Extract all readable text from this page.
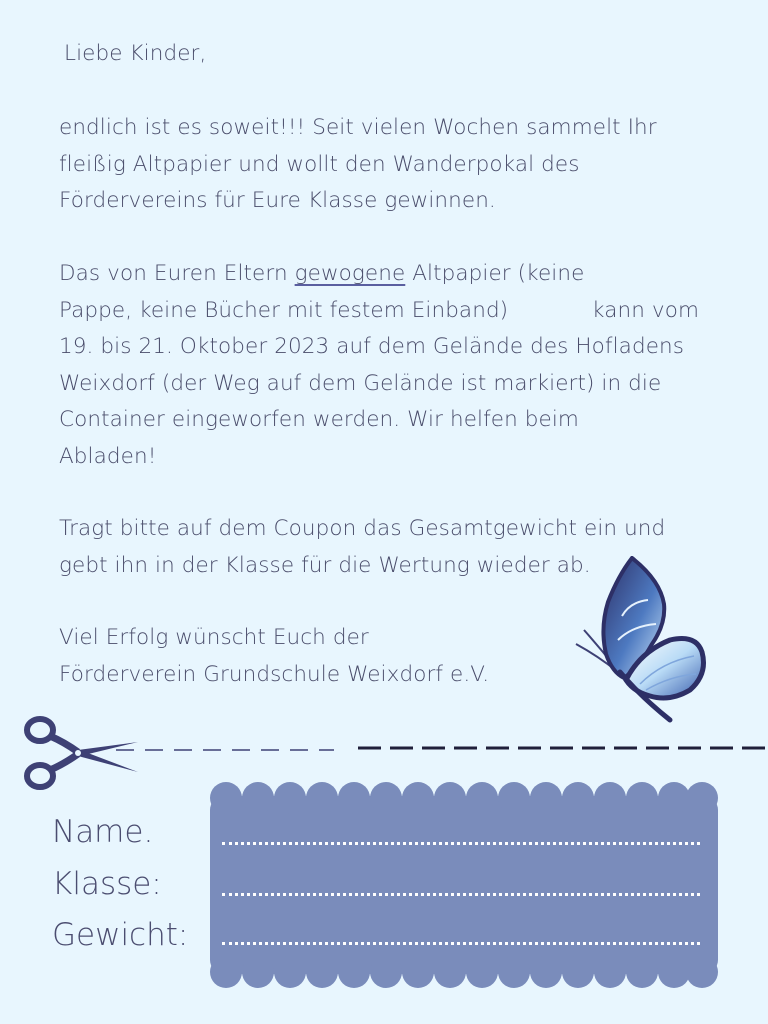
Liebe Kinder,

endlich ist es soweit!!! Seit vielen Wochen sammelt Ihr
fleißig Altpapier und wollt den Wanderpokal des
Fördervereins für Eure Klasse gewinnen.

Das von Euren Eltern gewogene Altpapier (keine
Pappe, keine Bücher mit festem Einband)	kann vom
19. bis 21. Oktober 2023 auf dem Gelände des Hofladens
Weixdorf (der Weg auf dem Gelände ist markiert) in die
Container eingeworfen werden. Wir helfen beim
Abladen!

Tragt bitte auf dem Coupon das Gesamtgewicht ein und
gebt ihn in der Klasse für die Wertung wieder ab.

Viel Erfolg wünscht Euch der
Förderverein Grundschule Weixdorf e.V.

Name.
Klasse:
Gewicht:
